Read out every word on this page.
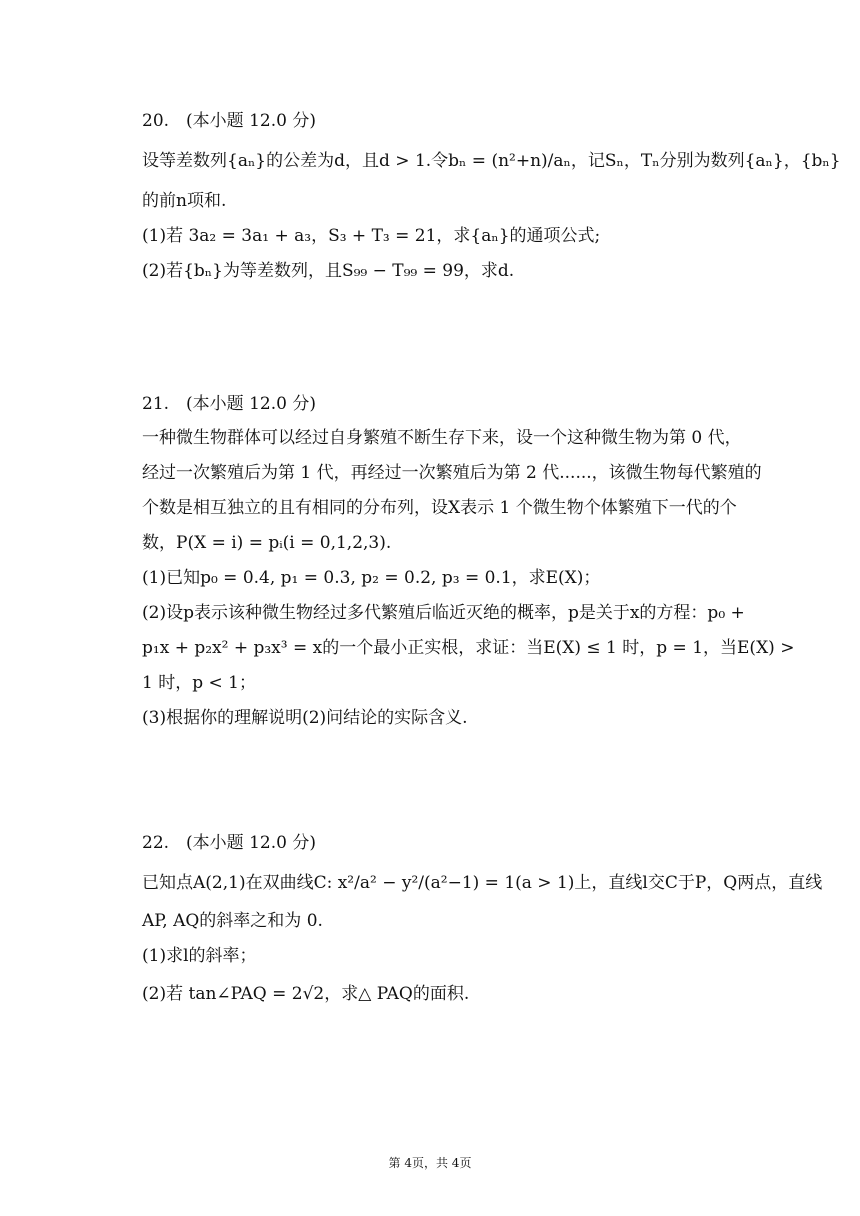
20.　(本小题 12.0 分)
设等差数列{aₙ}的公差为d，且d > 1.令bₙ = (n²+n)/aₙ，记Sₙ，Tₙ分别为数列{aₙ}，{bₙ}
的前n项和.
(1)若 3a₂ = 3a₁ + a₃，S₃ + T₃ = 21，求{aₙ}的通项公式;
(2)若{bₙ}为等差数列，且S₉₉ − T₉₉ = 99，求d.
21.　(本小题 12.0 分)
一种微生物群体可以经过自身繁殖不断生存下来，设一个这种微生物为第 0 代，
经过一次繁殖后为第 1 代，再经过一次繁殖后为第 2 代......，该微生物每代繁殖的
个数是相互独立的且有相同的分布列，设X表示 1 个微生物个体繁殖下一代的个
数，P(X = i) = pᵢ(i = 0,1,2,3).
(1)已知p₀ = 0.4, p₁ = 0.3, p₂ = 0.2, p₃ = 0.1，求E(X)；
(2)设p表示该种微生物经过多代繁殖后临近灭绝的概率，p是关于x的方程：p₀ +
p₁x + p₂x² + p₃x³ = x的一个最小正实根，求证：当E(X) ≤ 1 时，p = 1，当E(X) >
1 时，p < 1；
(3)根据你的理解说明(2)问结论的实际含义.
22.　(本小题 12.0 分)
已知点A(2,1)在双曲线C: x²/a² − y²/(a²−1) = 1(a > 1)上，直线l交C于P，Q两点，直线
AP, AQ的斜率之和为 0.
(1)求l的斜率；
(2)若 tan∠PAQ = 2√2，求△ PAQ的面积.
第 4页，共 4页
